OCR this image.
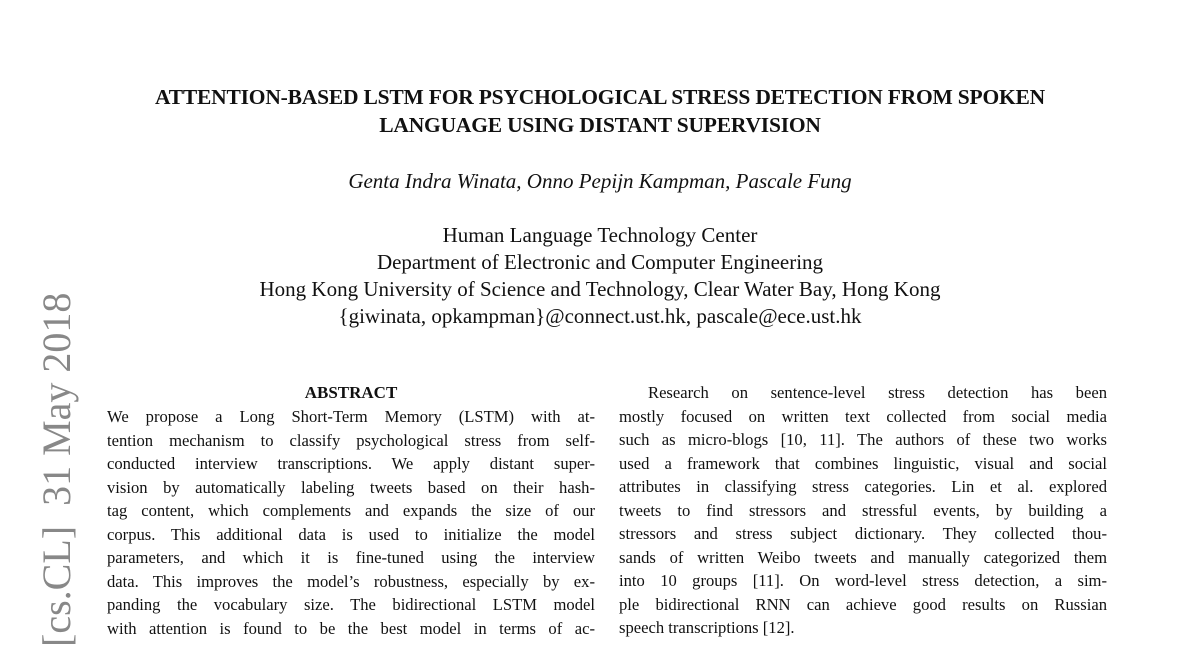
ATTENTION-BASED LSTM FOR PSYCHOLOGICAL STRESS DETECTION FROM SPOKEN
LANGUAGE USING DISTANT SUPERVISION
Genta Indra Winata, Onno Pepijn Kampman, Pascale Fung
Human Language Technology Center
Department of Electronic and Computer Engineering
Hong Kong University of Science and Technology, Clear Water Bay, Hong Kong
{giwinata, opkampman}@connect.ust.hk, pascale@ece.ust.hk
[cs.CL]  31 May 2018	ABSTRACT
We propose a Long Short-Term Memory (LSTM) with at-
tention mechanism to classify psychological stress from self-
conducted interview transcriptions. We apply distant super-
vision by automatically labeling tweets based on their hash-
tag content, which complements and expands the size of our
corpus. This additional data is used to initialize the model
parameters, and which it is fine-tuned using the interview
data. This improves the model’s robustness, especially by ex-
panding the vocabulary size. The bidirectional LSTM model
with attention is found to be the best model in terms of ac-
Research on sentence-level stress detection has been
mostly focused on written text collected from social media
such as micro-blogs [10, 11]. The authors of these two works
used a framework that combines linguistic, visual and social
attributes in classifying stress categories. Lin et al. explored
tweets to find stressors and stressful events, by building a
stressors and stress subject dictionary. They collected thou-
sands of written Weibo tweets and manually categorized them
into 10 groups [11]. On word-level stress detection, a sim-
ple bidirectional RNN can achieve good results on Russian
speech transcriptions [12].
